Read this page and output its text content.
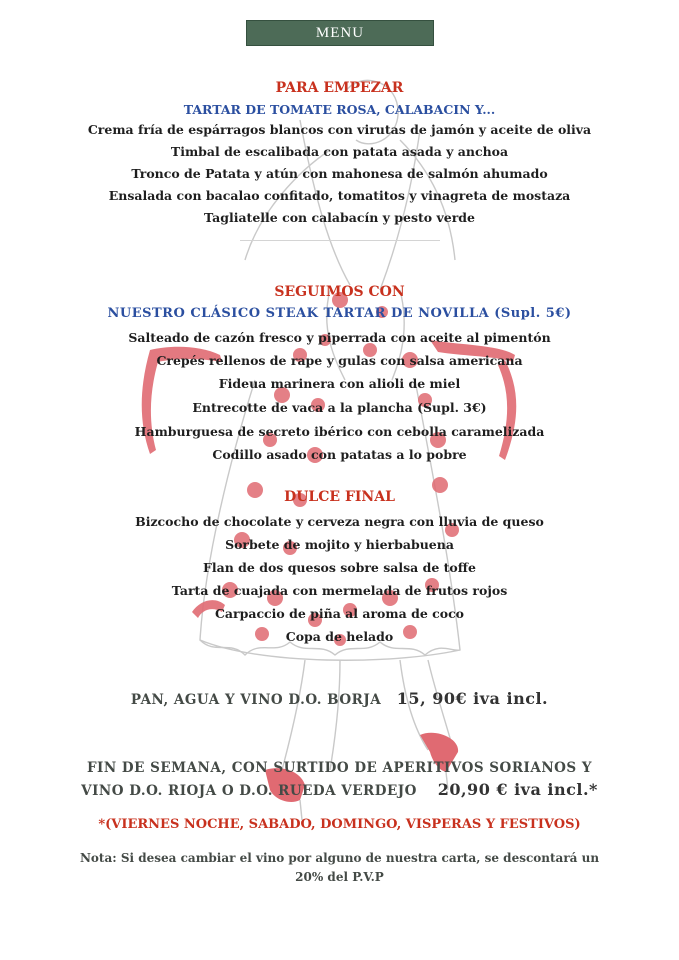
MENU
PARA EMPEZAR
TARTAR DE TOMATE ROSA, CALABACIN Y...
Crema fría de espárragos blancos con virutas de jamón y aceite de oliva
Timbal de escalibada con patata asada y anchoa
Tronco de Patata y atún con mahonesa de salmón ahumado
Ensalada con bacalao confitado, tomatitos y vinagreta de mostaza
Tagliatelle con calabacín y pesto verde
SEGUIMOS CON
NUESTRO CLÁSICO STEAK TARTAR DE NOVILLA (Supl. 5€)
Salteado de cazón fresco y piperrada con aceite al pimentón
Crepés rellenos de rape y gulas con salsa americana
Fideua marinera con alioli de miel
Entrecotte de vaca a la plancha (Supl. 3€)
Hamburguesa de secreto ibérico con cebolla caramelizada
Codillo asado con patatas a lo pobre
DULCE FINAL
Bizcocho de chocolate y cerveza negra con lluvia de queso
Sorbete de mojito y hierbabuena
Flan de dos quesos sobre salsa de toffe
Tarta de cuajada con mermelada de frutos rojos
Carpaccio de piña al aroma de coco
Copa de helado
PAN, AGUA Y VINO D.O. BORJA 15, 90€ iva incl.
FIN DE SEMANA, CON SURTIDO DE APERITIVOS SORIANOS Y
VINO D.O. RIOJA O D.O. RUEDA VERDEJO 20,90 € iva incl.*
*(VIERNES NOCHE, SABADO, DOMINGO, VISPERAS Y FESTIVOS)
Nota: Si desea cambiar el vino por alguno de nuestra carta, se descontará un
20% del P.V.P
